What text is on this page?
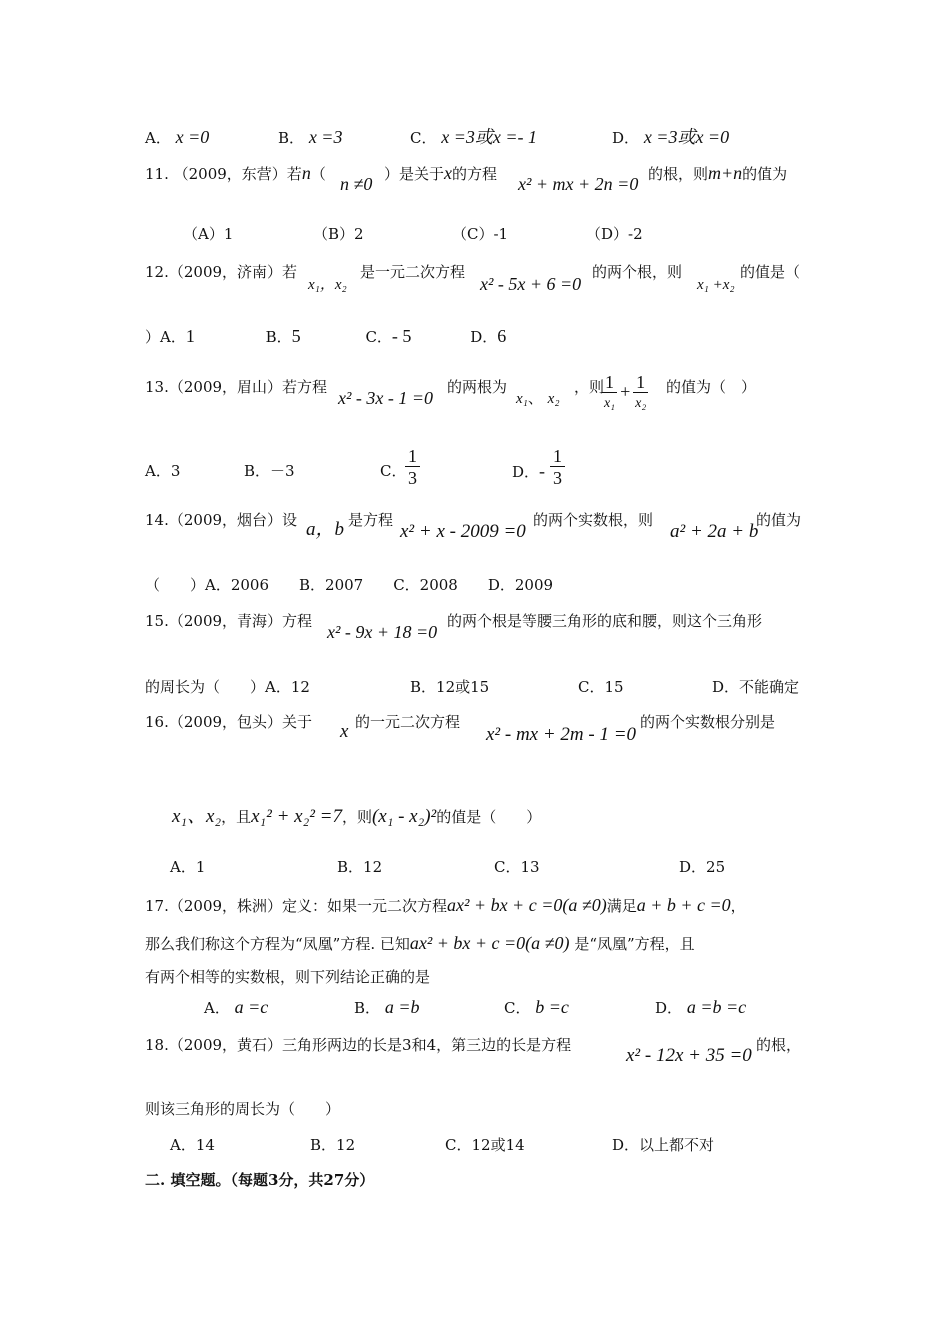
A． x =0	B． x =3	C． x =3或x =- 1	D． x =3或x =0
11. （2009，东营）若n（ n ≠0 ）是关于x的方程 x² + mx + 2n =0 的根，则m+n的值为
（A）1	（B）2	（C）-1	（D）-2
12.（2009，济南）若
x₁，x₂
是一元二次方程
x² - 5x + 6 =0
的两个根，则
x₁ +x₂
的值是（
）A．1	B．5	C．- 5	D．6
13.（2009，眉山）若方程
x² - 3x - 1 =0
的两根为
x₁、 x₂
，则
$\frac{1}{\text{x₁}} + \frac{1}{\text{x₂}}$ 的值为（　）
A．3	B．－3	C．
$\frac{1}{3}$	D．- $\frac{1}{3}$
14.（2009，烟台）设 a，b 是方程
x² + x - 2009 =0
的两个实数根，则
a² + 2a + b
的值为
（　　）A．2006　　B．2007　　C．2008　　D．2009
15.（2009，青海）方程
x² - 9x + 18 =0
的两个根是等腰三角形的底和腰，则这个三角形
的周长为（　　）A．12	B．12或15	C．15	D．不能确定
16.（2009，包头）关于 x 的一元二次方程
x² - mx + 2m - 1 =0
的两个实数根分别是
x₁、x₂，且x₁² + x₂² =7，则(x₁ - x₂)²的值是（　　）
A．1	B．12	C．13	D．25
17.（2009，株洲）定义：如果一元二次方程ax² + bx + c =0(a ≠0)满足a + b + c =0，
那么我们称这个方程为“凤凰”方程. 已知ax² + bx + c =0(a ≠0) 是“凤凰”方程，且
有两个相等的实数根，则下列结论正确的是
A． a =c	B． a =b	C． b =c	D． a =b =c
18.（2009，黄石）三角形两边的长是3和4，第三边的长是方程	x² - 12x + 35 =0 的根，
则该三角形的周长为（　　）
A．14	B．12	C．12或14	D．以上都不对
二. 填空题。（每题3分，共27分）
